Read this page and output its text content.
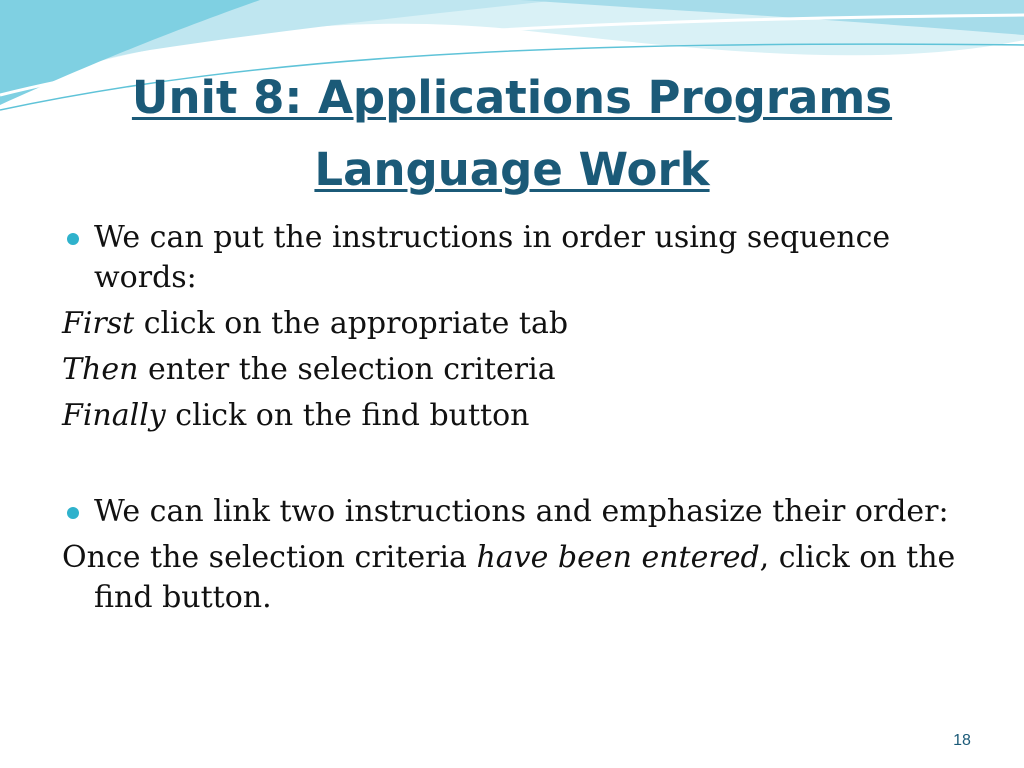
Unit 8: Applications Programs
Language Work
We can put the instructions in order using sequence words:
First click on the appropriate tab
Then enter the selection criteria
Finally click on the find button
We can link two instructions and emphasize their order:
Once the selection criteria have been entered, click on the find button.
18
